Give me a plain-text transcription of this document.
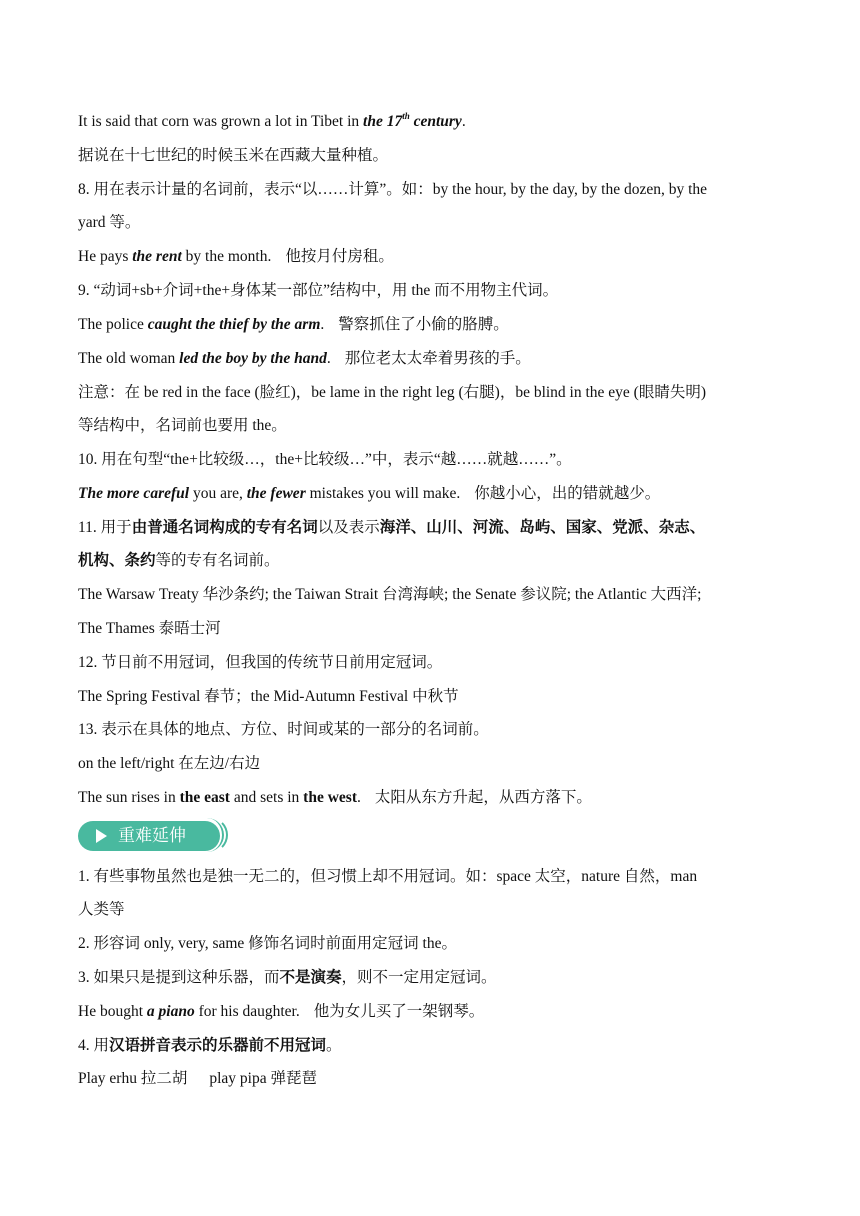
It is said that corn was grown a lot in Tibet in the 17th century.
据说在十七世纪的时候玉米在西藏大量种植。
8. 用在表示计量的名词前，表示“以……计算”。如：by the hour, by the day, by the dozen, by the
yard 等。
He pays the rent by the month. 他按月付房租。
9. “动词+sb+介词+the+身体某一部位”结构中，用 the 而不用物主代词。
The police caught the thief by the arm. 警察抓住了小偷的胳膊。
The old woman led the boy by the hand. 那位老太太牵着男孩的手。
注意：在 be red in the face (脸红)，be lame in the right leg (右腿)，be blind in the eye (眼睛失明)
等结构中，名词前也要用 the。
10. 用在句型“the+比较级…，the+比较级…”中，表示“越……就越……”。
The more careful you are, the fewer mistakes you will make. 你越小心，出的错就越少。
11. 用于由普通名词构成的专有名词以及表示海洋、山川、河流、岛屿、国家、党派、杂志、
机构、条约等的专有名词前。
The Warsaw Treaty 华沙条约; the Taiwan Strait 台湾海峡; the Senate 参议院; the Atlantic 大西洋;
The Thames 泰晤士河
12. 节日前不用冠词，但我国的传统节日前用定冠词。
The Spring Festival 春节；the Mid-Autumn Festival 中秋节
13. 表示在具体的地点、方位、时间或某的一部分的名词前。
on the left/right 在左边/右边
The sun rises in the east and sets in the west. 太阳从东方升起，从西方落下。
重难延伸
1. 有些事物虽然也是独一无二的，但习惯上却不用冠词。如：space 太空，nature 自然，man
人类等
2. 形容词 only, very, same 修饰名词时前面用定冠词 the。
3. 如果只是提到这种乐器，而不是演奏，则不一定用定冠词。
He bought a piano for his daughter. 他为女儿买了一架钢琴。
4. 用汉语拼音表示的乐器前不用冠词。
Play erhu 拉二胡 play pipa 弹琵琶
